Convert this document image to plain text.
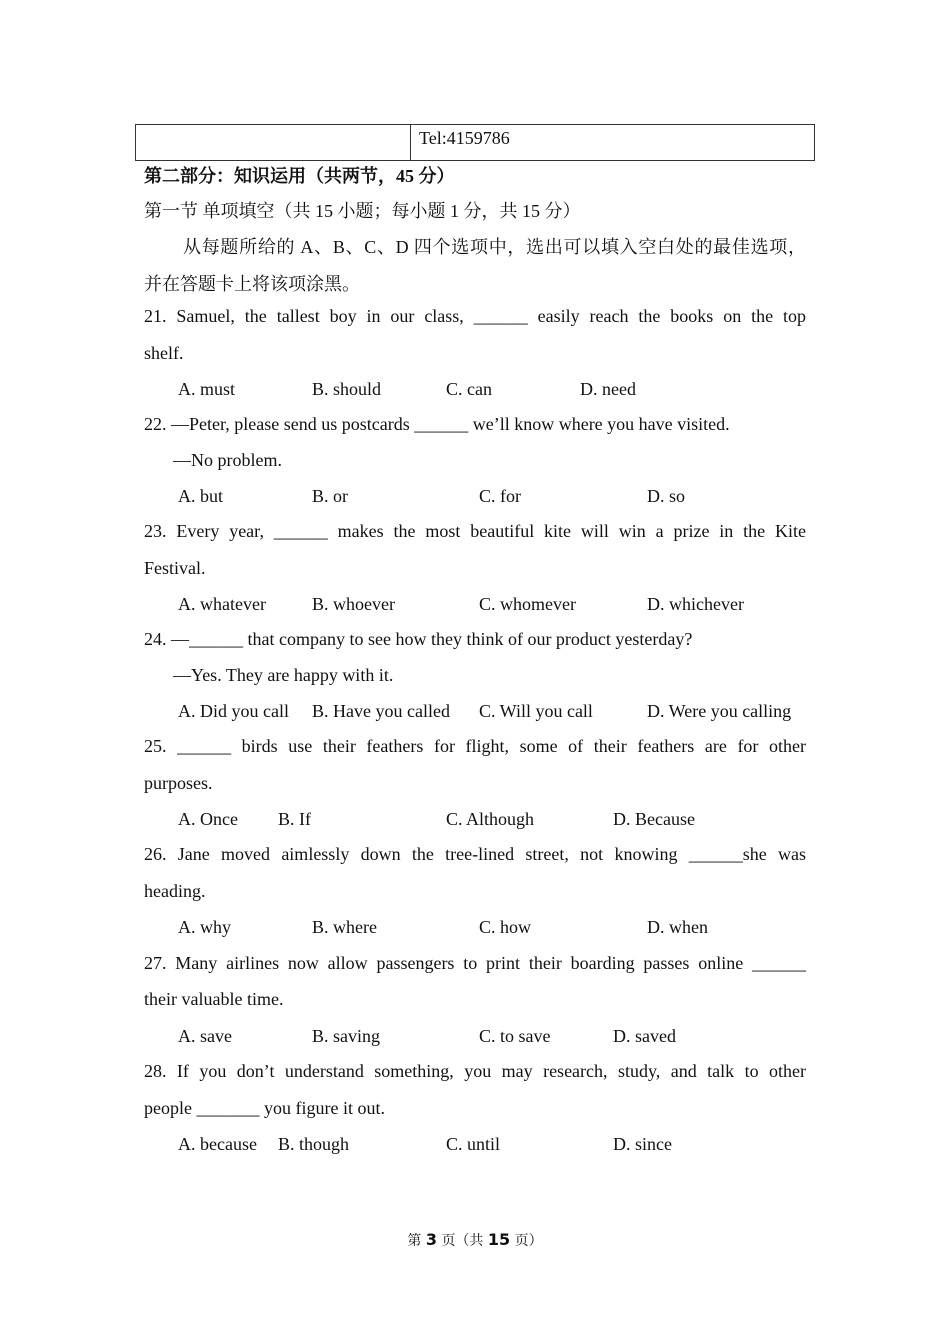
Tel:4159786
第二部分：知识运用（共两节，45 分）
第一节 单项填空（共 15 小题；每小题 1 分，共 15 分）
从每题所给的 A、B、C、D 四个选项中，选出可以填入空白处的最佳选项，
并在答题卡上将该项涂黑。
21. Samuel, the tallest boy in our class, ______ easily reach the books on the top
shelf.
A. must	B. should	C. can	D. need
22. —Peter, please send us postcards ______ we’ll know where you have visited.
—No problem.
A. but	B. or	C. for	D. so
23. Every year, ______ makes the most beautiful kite will win a prize in the Kite
Festival.
A. whatever	B. whoever	C. whomever	D. whichever
24. —______ that company to see how they think of our product yesterday?
—Yes. They are happy with it.
A. Did you call B. Have you called C. Will you call	D. Were you calling
25. ______ birds use their feathers for flight, some of their feathers are for other
purposes.
A. Once B. If	C. Although	D. Because
26. Jane moved aimlessly down the tree-lined street, not knowing ______she was
heading.
A. why	B. where	C. how	D. when
27. Many airlines now allow passengers to print their boarding passes online ______
their valuable time.
A. save	B. saving	C. to save	D. saved
28. If you don’t understand something, you may research, study, and talk to other
people _______ you figure it out.
A. because B. though	C. until	D. since
第 3 页（共 15 页）
